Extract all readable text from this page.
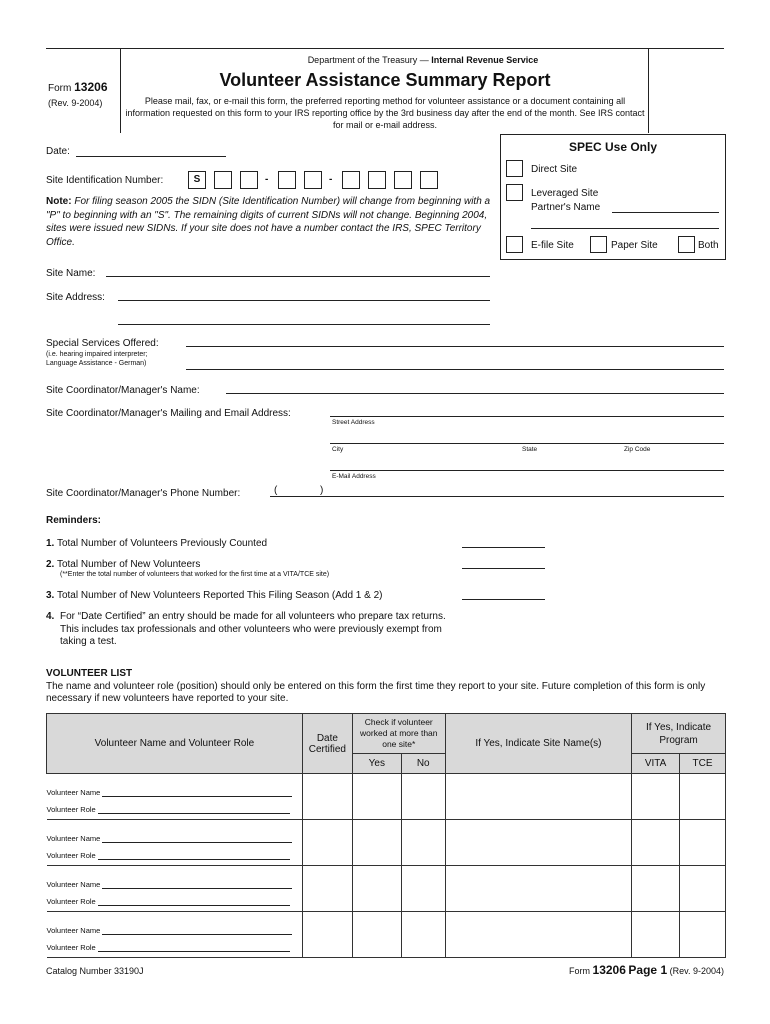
Department of the Treasury — Internal Revenue Service
Form 13206
(Rev. 9-2004)
Volunteer Assistance Summary Report
Please mail, fax, or e-mail this form, the preferred reporting method for volunteer assistance or a document containing all information requested on this form to your IRS reporting office by the 3rd business day after the end of the month. See IRS contact for mail or e-mail address.
SPEC Use Only
Direct Site
Leveraged Site
Partner's Name
E-file Site	Paper Site	Both
Date:
Site Identification Number:	S	-	-
Note: For filing season 2005 the SIDN (Site Identification Number) will change from beginning with a "P" to beginning with an "S". The remaining digits of current SIDNs will not change. Beginning 2004, sites were issued new SIDNs. If your site does not have a number contact the IRS, SPEC Territory Office.
Site Name:
Site Address:
Special Services Offered:
(i.e. hearing impaired interpreter;
Language Assistance - German)
Site Coordinator/Manager's Name:
Site Coordinator/Manager's Mailing and Email Address:
Street Address
City	State	Zip Code
E-Mail Address
Site Coordinator/Manager's Phone Number:	(	)
Reminders:
1. Total Number of Volunteers Previously Counted
2. Total Number of New Volunteers
(**Enter the total number of volunteers that worked for the first time at a VITA/TCE site)
3. Total Number of New Volunteers Reported This Filing Season (Add 1 & 2)
4. For “Date Certified” an entry should be made for all volunteers who prepare tax returns. This includes tax professionals and other volunteers who were previously exempt from taking a test.
VOLUNTEER LIST
The name and volunteer role (position) should only be entered on this form the first time they report to your site. Future completion of this form is only necessary if new volunteers have reported to your site.
Volunteer Name and Volunteer Role	Date Certified	Check if volunteer worked at more than one site*		If Yes, Indicate Site Name(s)	If Yes, Indicate Program	
		Yes	No		VITA	TCE

Volunteer Name
Volunteer Role						

Volunteer Name
Volunteer Role						

Volunteer Name
Volunteer Role						

Volunteer Name
Volunteer Role						

Catalog Number 33190J	Form 13206 Page 1 (Rev. 9-2004)
